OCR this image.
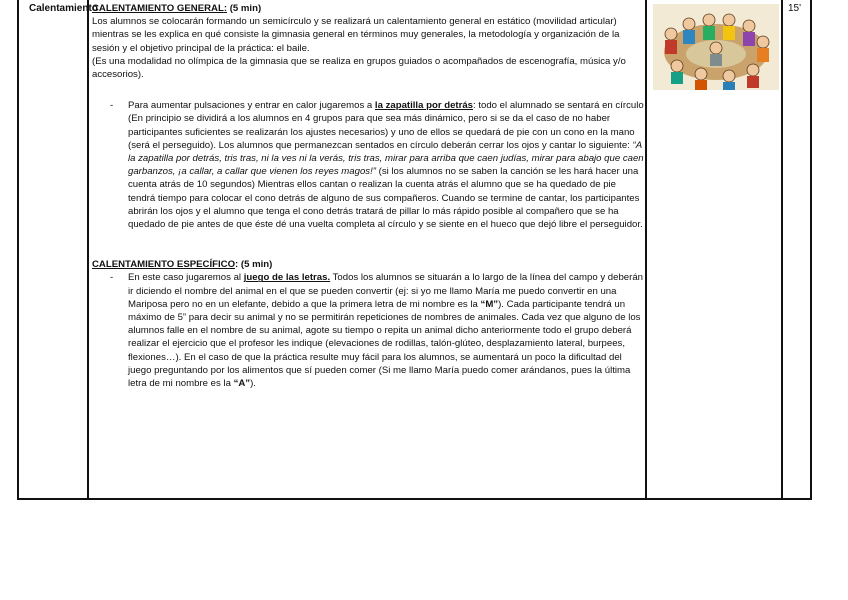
Calentamiento

CALENTAMIENTO GENERAL: (5 min)

Los alumnos se colocarán formando un semicírculo y se realizará un calentamiento general en estático (movilidad articular) mientras se les explica en qué consiste la gimnasia general en términos muy generales, la metodología y organización de la sesión y el objetivo principal de la práctica: el baile.

(Es una modalidad no olímpica de la gimnasia que se realiza en grupos guiados o acompañados de escenografía, música y/o accesorios).

- Para aumentar pulsaciones y entrar en calor jugaremos a la zapatilla por detrás: todo el alumnado se sentará en círculo (En principio se dividirá a los alumnos en 4 grupos para que sea más dinámico, pero si se da el caso de no haber participantes suficientes se realizarán los ajustes necesarios) y uno de ellos se quedará de pie con un cono en la mano (será el perseguido). Los alumnos que permanezcan sentados en círculo deberán cerrar los ojos y cantar lo siguiente: “A la zapatilla por detrás, tris tras, ni la ves ni la verás, tris tras, mirar para arriba que caen judías, mirar para abajo que caen garbanzos, ¡a callar, a callar que vienen los reyes magos!” (si los alumnos no se saben la canción se les hará hacer una cuenta atrás de 10 segundos) Mientras ellos cantan o realizan la cuenta atrás el alumno que se ha quedado de pie tendrá tiempo para colocar el cono detrás de alguno de sus compañeros. Cuando se termine de cantar, los participantes abrirán los ojos y el alumno que tenga el cono detrás tratará de pillar lo más rápido posible al compañero que se ha quedado de pie antes de que éste dé una vuelta completa al círculo y se siente en el hueco que dejó libre el perseguidor.

CALENTAMIENTO ESPECÍFICO: (5 min)

- En este caso jugaremos al juego de las letras. Todos los alumnos se situarán a lo largo de la línea del campo y deberán ir diciendo el nombre del animal en el que se pueden convertir (ej: si yo me llamo María me puedo convertir en una Mariposa pero no en un elefante, debido a que la primera letra de mi nombre es la “M”). Cada participante tendrá un máximo de 5” para decir su animal y no se permitirán repeticiones de nombres de animales. Cada vez que alguno de los alumnos falle en el nombre de su animal, agote su tiempo o repita un animal dicho anteriormente todo el grupo deberá realizar el ejercicio que el profesor les indique (elevaciones de rodillas, talón-glúteo, desplazamiento lateral, burpees, flexiones…). En el caso de que la práctica resulte muy fácil para los alumnos, se aumentará un poco la dificultad del juego preguntando por los alimentos que sí pueden comer (Si me llamo María puedo comer arándanos, pues la última letra de mi nombre es la “A”).

15'
